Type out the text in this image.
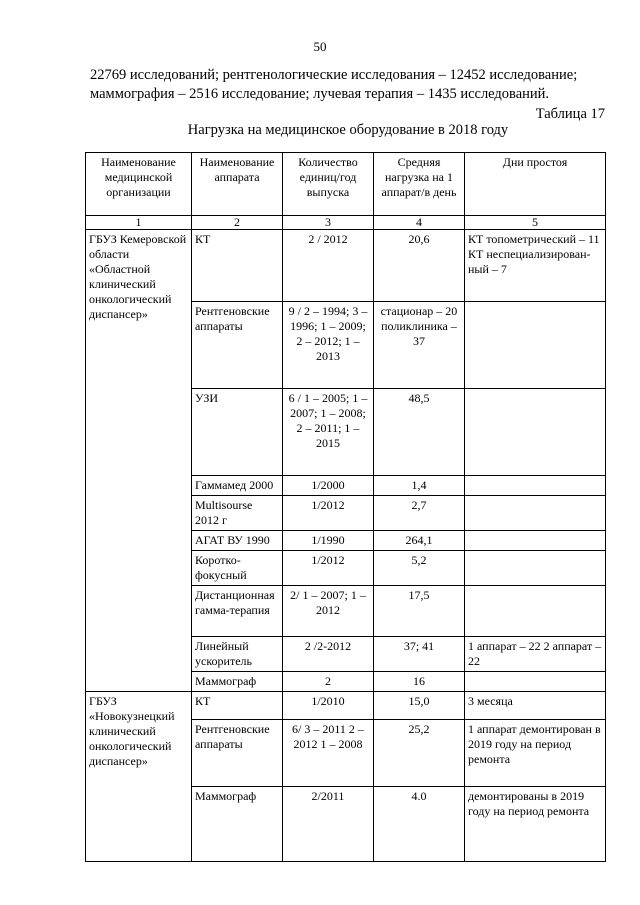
50
22769 исследований; рентгенологические исследования – 12452 исследование;
маммография – 2516 исследование; лучевая терапия – 1435 исследований.
Таблица 17
Нагрузка на медицинское оборудование в 2018 году
Наименование медицинской организации	Наименование аппарата	Количество единиц/год выпуска	Средняя нагрузка на 1 аппарат/в день	Дни простоя
1	2	3	4	5
ГБУЗ Кемеровской области «Областной клинический онкологический диспансер»	КТ	2 / 2012	20,6	КТ топометрический – 11 КТ неспециализирован-ный – 7
	Рентгеновские аппараты	9 / 2 – 1994; 3 – 1996; 1 – 2009; 2 – 2012; 1 – 2013	стационар – 20 поликлиника – 37	
	УЗИ	6 / 1 – 2005; 1 – 2007; 1 – 2008; 2 – 2011; 1 – 2015	48,5	
	Гаммамед 2000	1/2000	1,4	
	Multisourse 2012 г	1/2012	2,7	
	АГАТ ВУ 1990	1/1990	264,1	
	Коротко-фокусный	1/2012	5,2	
	Дистанционная гамма-терапия	2/ 1 – 2007; 1 – 2012	17,5	
	Линейный ускоритель	2 /2-2012	37; 41	1 аппарат – 22 2 аппарат – 22
	Маммограф	2	16	
ГБУЗ «Новокузнецкий клинический онкологический диспансер»	КТ	1/2010	15,0	3 месяца
	Рентгеновские аппараты	6/ 3 – 2011 2 – 2012 1 – 2008	25,2	1 аппарат демонтирован в 2019 году на период ремонта
	Маммограф	2/2011	4.0	демонтированы в 2019 году на период ремонта
